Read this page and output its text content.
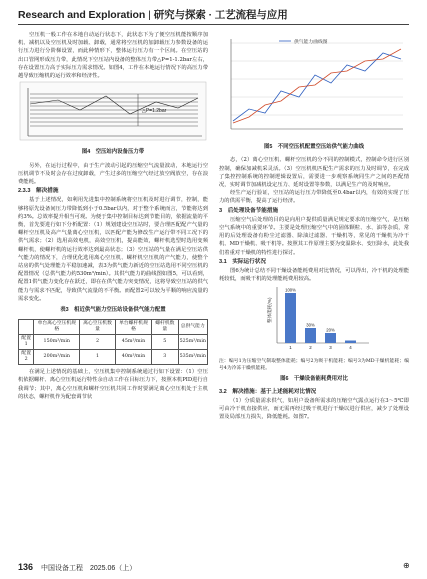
Research and Exploration | 研究与探索 · 工艺流程与应用

空压机一般工作在本地自动运行状态下，此状态下为了便空压机能按顺序加机、减机以及空压机及时加载、卸载，通常将空压机的加卸载压力参数设备的运行压力进行分阶梯设置，而此种情形下，整体运行压力有一个区间。在空压站的出口管网形成压力带，此情况下空压站内设备的整体压力带△P=1-1.2bar左右，存在设置压力高于实际压力需求情况。如图4，工作在本地运行情况下的高压力带越导致压缩机的运行效率和经济性。

△P=1.2bar
图4　空压站内设备压力带

另外，在运行过程中，由于生产波动引起的压缩空气流量波动，本地运行空压机调节不及时会存在过度卸载，产生过多的压缩空气经过放空阀放空，存在浪费能耗。

2.3.3　解决措施

基于上述情况，如利用先进集中控制系统将空压机及时进行调节，控制，能够将原先设备间压力带降低到小于0.5bar以内，对于整个系统而言，节能将达到约3%。总效率提升相当可观。为便于集中控制目标达到节能目的，依据流量的平衡，首先要进行如下分析配置：（1）规划建设空压站时，要合理匹配配产气量的螺杆空压机及高产气量离心空压机，以匹配产能为修改生产运行带不同工况下的供气需求；（2）选用高效电机，高效空压机，提高能效，螺杆机选型时选用变频螺杆机，使螺杆机的运行效率达到最高状态；（3）空压站的气量在满足空压站供气能力的情况下，合理优化选用离心空压机、螺杆机空压机的产气能力，使整个站房的供气处理能力平稳加速减，表3为供气能力新近的空压站选用不同空压机的配置情况（总供气能力约530m³/min）。其供气能力的曲线图如图5，可以看到，配置1供气能力变化存在跃迁，即在在供气能力突变情况，这将导致空压站的供气能力与需求不匹配，导致供气流量的不平衡。而配置2可以较为平顺的响应流量的需求变化。

表3　相近供气能力空压站设备供气能力配置
	单台离心空压机规格	离心空压机数量	单台螺杆机规格	螺杆机数量	总供气能力
配置1	150m³/min	2	45m³/min	5	525m³/min
配置2	200m³/min	1	40m³/min	3	535m³/min

在满足上述情况的基础上，空压机集中控制系统通过行如下设置：（1）空压机依据螺杆、离心空压机运行特性余自动工作在目标压力下，按照本机PID进行自我调节；其中，离心空压机和螺杆空压机共同工作时要满足离心空压机处于主机的状态，螺杆机作为配套调节状

供气能力曲线图
图5　不同空压机配置空压站供气能力曲线

态，（2）离心空压机、螺杆空压机的分不同的控制模式，控制命令进行区别控制，确保加减机采灵活。（3）空压机机匹配生产需求的压力及时调节，在完成了集控控制系统的控制逻辑设置后，需要进一步观察系统同生产之间的匹配情况，实时调节加减机设定压力、延时设置等参数，以满足生产的及时响应。

经生产运行验证，空压站的运行压力带降低至0.4bar以内，有效的实现了压力的供需平衡，提高了运行经济。

3　后处理设备节能措施

压缩空气后处理的目的是向用户提供质量满足规定要求的压缩空气，是压缩空气系统中的重要环节。主要是处理压缩空气中的固体颗粒、水、油等杂质，常用的后处理设备有粉尘过滤器、除油过滤器、干燥机等，常见的干燥机为冷干机、MD干燥机、吸干机等。按照其工作原理主要为变温除水、变压除水，此处我们着重对干燥机的特性进行探讨。

3.1　实际运行状况

图6为统计总结不同干燥设备能耗费用对比情况，可以得出，冷干机的处理能耗较低，而吸干机的处理能耗费用较高。

整体能耗(%)
100%
1
30%
2
20%
3	4
注：编号1为压缩空气制取整体能耗；编号2为吸干机能耗；编号3为MD干燥机能耗；编号4为冷冻干燥机能耗。
图6　干燥设备能耗费用对比
3.2　解决措施：基于上述能耗对比情况

（1）分质量需求供气，如用户设备所需求的压缩空气露点运行在3～5℃即可由冷干机直接供应，而无需再经过吸干机进行干燥以进行供应，减少了处理设置及局部压力损失，降低能耗。如图7。

136 中国设备工程　2025.06（上）	⊕
